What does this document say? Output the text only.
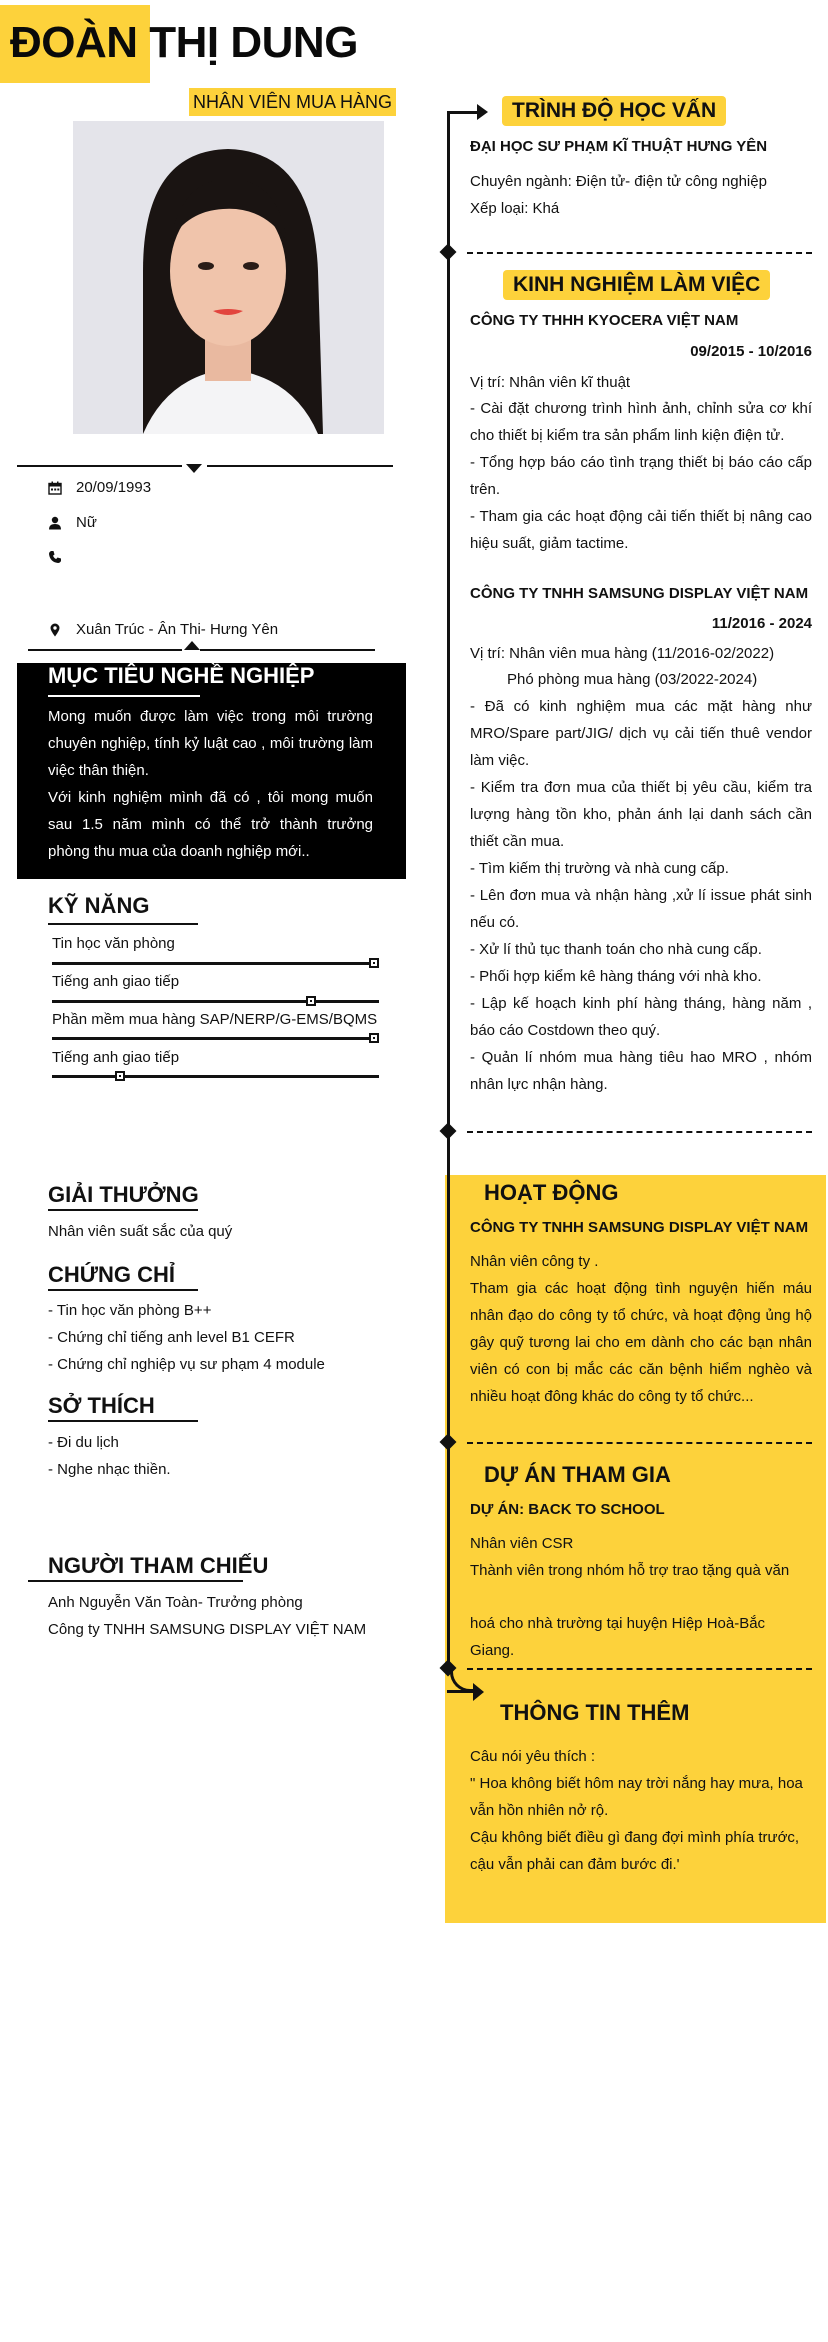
ĐOÀN THỊ DUNG
NHÂN VIÊN MUA HÀNG
20/09/1993
Nữ
Xuân Trúc - Ân Thi- Hưng Yên
MỤC TIÊU NGHỀ NGHIỆP

Mong muốn được làm việc trong môi trường chuyên nghiệp, tính kỷ luật cao , môi trường làm việc thân thiện.
Với kinh nghiệm mình đã có , tôi mong muốn sau 1.5 năm mình có thể trở thành trưởng phòng thu mua của doanh nghiệp mới..

KỸ NĂNG
Tin học văn phòng
Tiếng anh giao tiếp
Phần mềm mua hàng SAP/NERP/G-EMS/BQMS
Tiếng anh giao tiếp
GIẢI THƯỞNG
Nhân viên suất sắc của quý
CHỨNG CHỈ
- Tin học văn phòng B++
- Chứng chỉ tiếng anh level B1 CEFR
- Chứng chỉ nghiệp vụ sư phạm 4 module
SỞ THÍCH
- Đi du lịch
- Nghe nhạc thiền.
NGƯỜI THAM CHIẾU
Anh Nguyễn Văn Toàn- Trưởng phòng
Công ty TNHH SAMSUNG DISPLAY VIỆT NAM
TRÌNH ĐỘ HỌC VẤN
ĐẠI HỌC SƯ PHẠM KĨ THUẬT HƯNG YÊN
Chuyên ngành: Điện tử- điện tử công nghiệp
Xếp loại: Khá
KINH NGHIỆM LÀM VIỆC
CÔNG TY THHH KYOCERA VIỆT NAM
09/2015 - 10/2016
Vị trí: Nhân viên kĩ thuật
- Cài đặt chương trình hình ảnh, chỉnh sửa cơ khí cho thiết bị kiểm tra sản phẩm linh kiện điện tử.
- Tổng hợp báo cáo tình trạng thiết bị báo cáo cấp trên.
- Tham gia các hoạt động cải tiến thiết bị nâng cao hiệu suất, giảm tactime.
CÔNG TY TNHH SAMSUNG DISPLAY VIỆT NAM
11/2016 - 2024
Vị trí: Nhân viên mua hàng (11/2016-02/2022)
Phó phòng mua hàng (03/2022-2024)
- Đã có kinh nghiệm mua các mặt hàng như MRO/Spare part/JIG/ dịch vụ cải tiến thuê vendor làm việc.
- Kiểm tra đơn mua của thiết bị yêu cầu, kiểm tra lượng hàng tồn kho, phản ánh lại danh sách cần thiết cần mua.
- Tìm kiếm thị trường và nhà cung cấp.
- Lên đơn mua và nhận hàng ,xử lí issue phát sinh nếu có.
- Xử lí thủ tục thanh toán cho nhà cung cấp.
- Phối hợp kiểm kê hàng tháng với nhà kho.
- Lập kế hoạch kinh phí hàng tháng, hàng năm , báo cáo Costdown theo quý.
- Quản lí nhóm mua hàng tiêu hao MRO , nhóm nhân lực nhận hàng.
HOẠT ĐỘNG
CÔNG TY TNHH SAMSUNG DISPLAY VIỆT NAM
Nhân viên công ty .
Tham gia các hoạt động tình nguyện hiến máu nhân đạo do công ty tổ chức, và hoạt động ủng hộ gây quỹ tương lai cho em dành cho các bạn nhân viên có con bị mắc các căn bệnh hiểm nghèo và nhiều hoạt đông khác do công ty tổ chức...
DỰ ÁN THAM GIA
DỰ ÁN: BACK TO SCHOOL
Nhân viên CSR
Thành viên trong nhóm hỗ trợ trao tặng quà văn
hoá cho nhà trường tại huyện Hiệp Hoà-Bắc Giang.
THÔNG TIN THÊM
Câu nói yêu thích :
" Hoa không biết hôm nay trời nắng hay mưa, hoa vẫn hồn nhiên nở rộ.
Cậu không biết điều gì đang đợi mình phía trước, cậu vẫn phải can đảm bước đi.'
